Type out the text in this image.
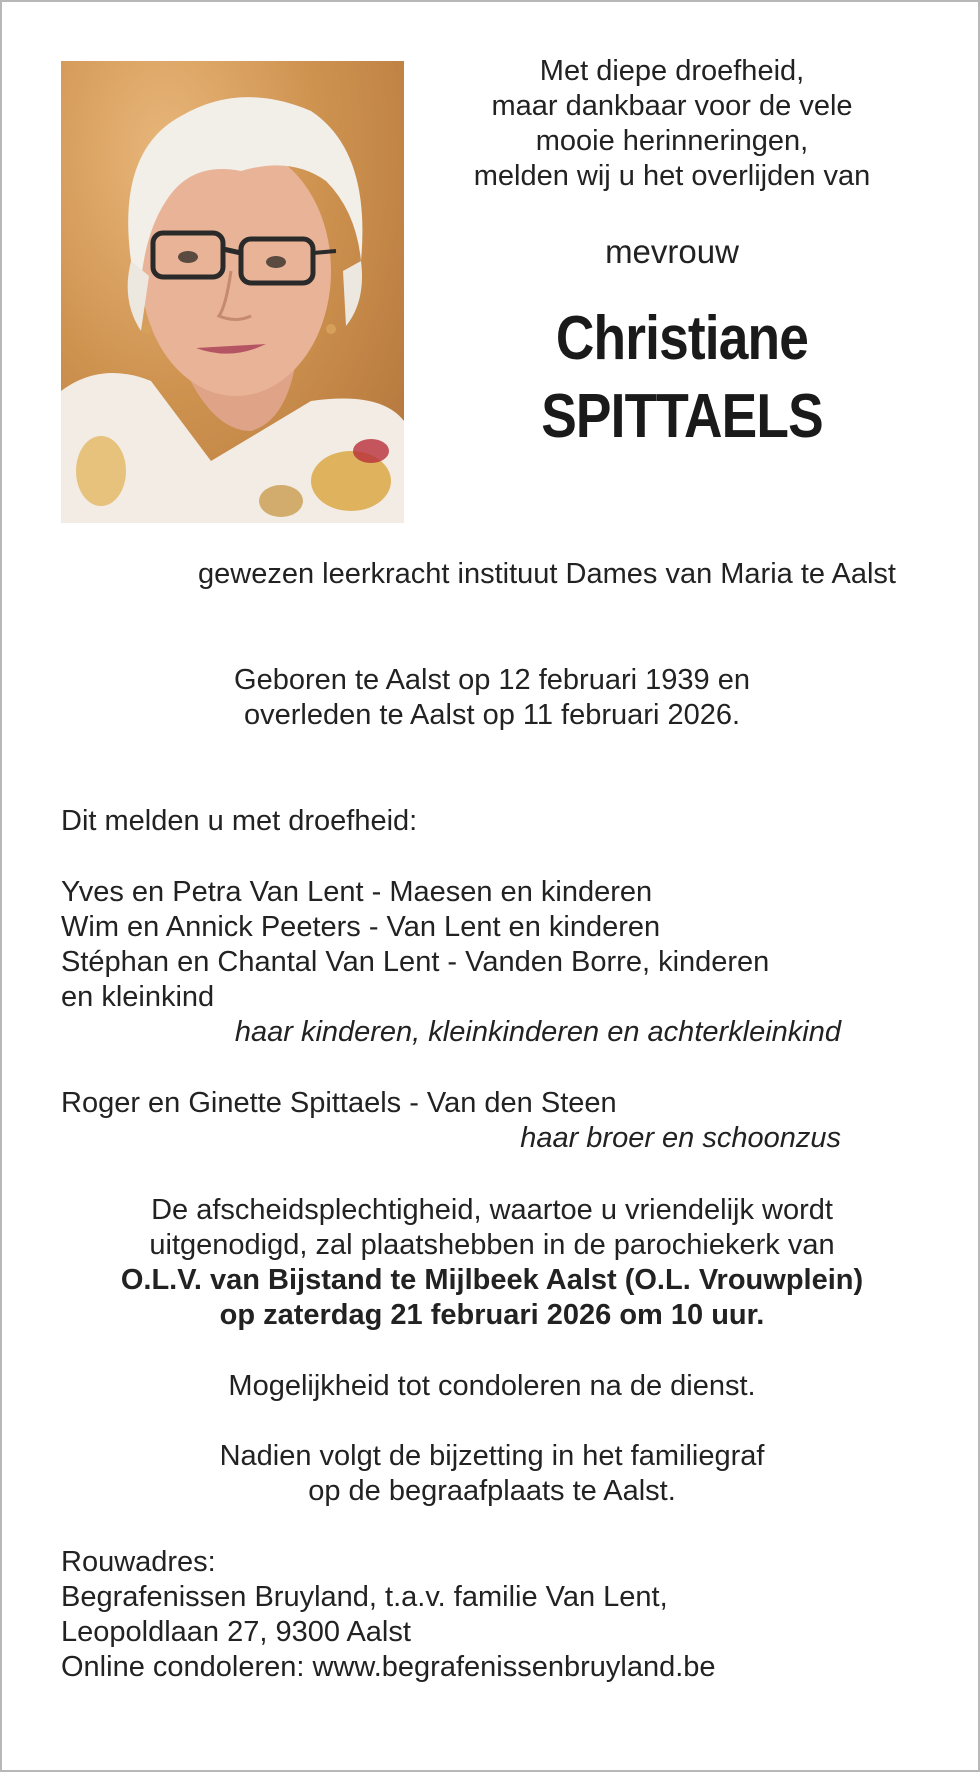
Met diepe droefheid,
maar dankbaar voor de vele
mooie herinneringen,
melden wij u het overlijden van
mevrouw
Christiane
SPITTAELS
gewezen leerkracht instituut Dames van Maria te Aalst
Geboren te Aalst op 12 februari 1939 en
overleden te Aalst op 11 februari 2026.
Dit melden u met droefheid:
Yves en Petra Van Lent - Maesen en kinderen
Wim en Annick Peeters - Van Lent en kinderen
Stéphan en Chantal Van Lent - Vanden Borre, kinderen
en kleinkind
haar kinderen, kleinkinderen en achterkleinkind
Roger en Ginette Spittaels - Van den Steen
haar broer en schoonzus
De afscheidsplechtigheid, waartoe u vriendelijk wordt
uitgenodigd, zal plaatshebben in de parochiekerk van
O.L.V. van Bijstand te Mijlbeek Aalst (O.L. Vrouwplein)
op zaterdag 21 februari 2026 om 10 uur.
Mogelijkheid tot condoleren na de dienst.
Nadien volgt de bijzetting in het familiegraf
op de begraafplaats te Aalst.
Rouwadres:
Begrafenissen Bruyland, t.a.v. familie Van Lent,
Leopoldlaan 27, 9300 Aalst
Online condoleren: www.begrafenissenbruyland.be
